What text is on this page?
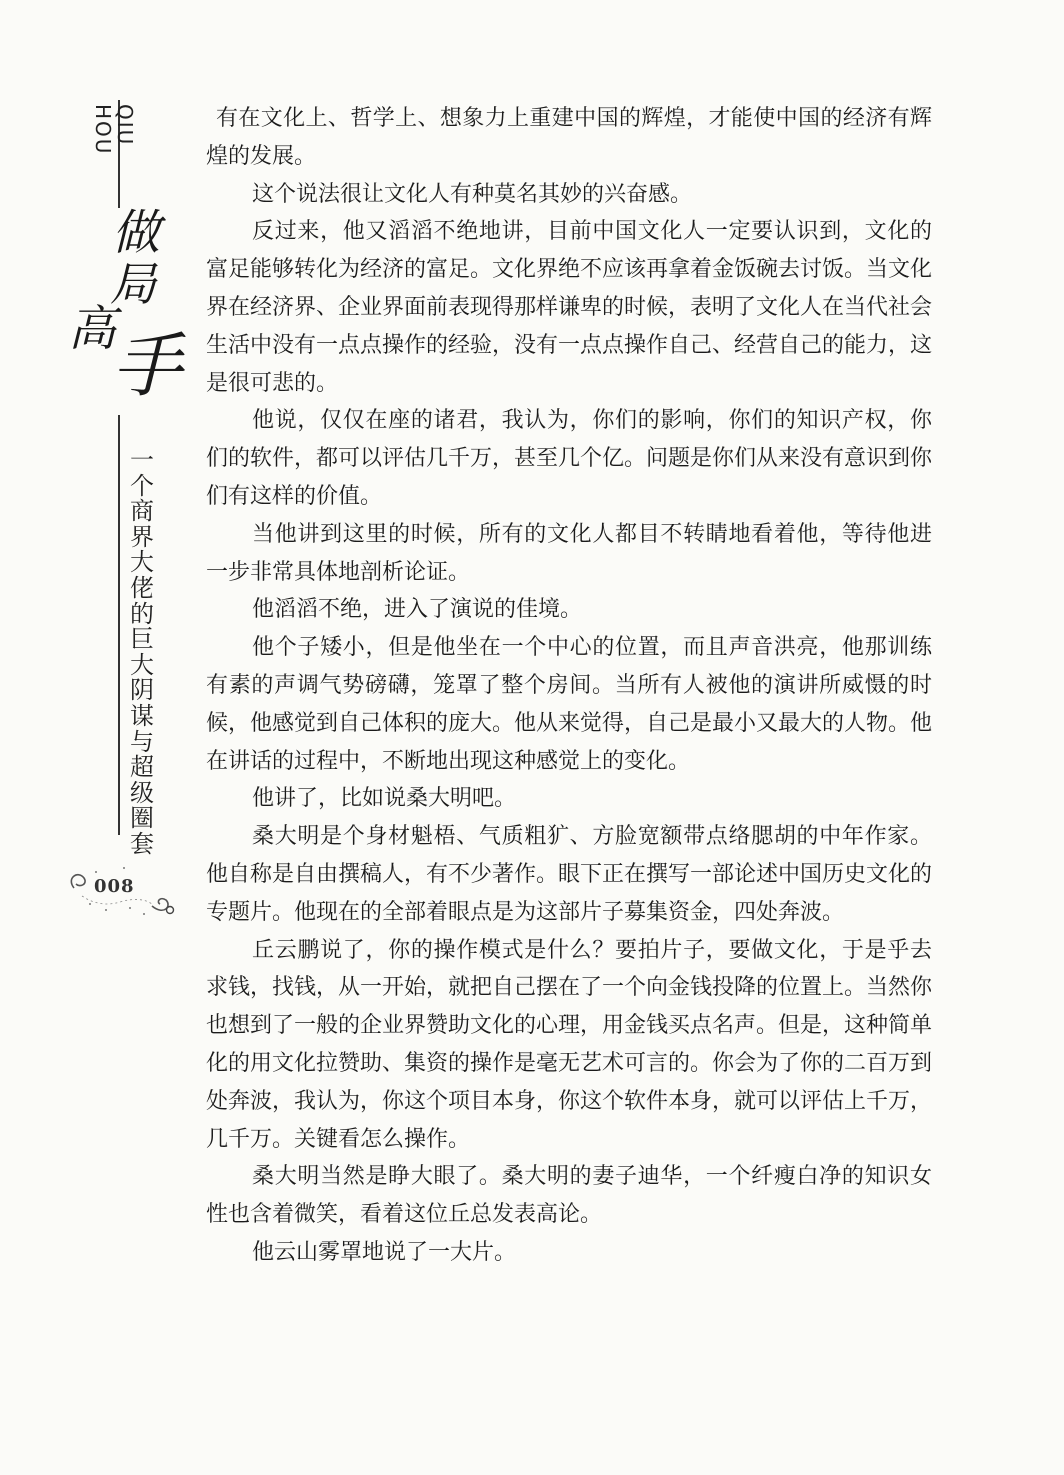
QIU
HOU
做
局
高
手
一个商界大佬的巨大阴谋与超级圈套
008

有在文化上、哲学上、想象力上重建中国的辉煌，才能使中国的经济有辉煌的发展。

这个说法很让文化人有种莫名其妙的兴奋感。

反过来，他又滔滔不绝地讲，目前中国文化人一定要认识到，文化的富足能够转化为经济的富足。文化界绝不应该再拿着金饭碗去讨饭。当文化界在经济界、企业界面前表现得那样谦卑的时候，表明了文化人在当代社会生活中没有一点点操作的经验，没有一点点操作自己、经营自己的能力，这是很可悲的。

他说，仅仅在座的诸君，我认为，你们的影响，你们的知识产权，你们的软件，都可以评估几千万，甚至几个亿。问题是你们从来没有意识到你们有这样的价值。

当他讲到这里的时候，所有的文化人都目不转睛地看着他，等待他进一步非常具体地剖析论证。

他滔滔不绝，进入了演说的佳境。

他个子矮小，但是他坐在一个中心的位置，而且声音洪亮，他那训练有素的声调气势磅礴，笼罩了整个房间。当所有人被他的演讲所威慑的时候，他感觉到自己体积的庞大。他从来觉得，自己是最小又最大的人物。他在讲话的过程中，不断地出现这种感觉上的变化。

他讲了，比如说桑大明吧。

桑大明是个身材魁梧、气质粗犷、方脸宽额带点络腮胡的中年作家。他自称是自由撰稿人，有不少著作。眼下正在撰写一部论述中国历史文化的专题片。他现在的全部着眼点是为这部片子募集资金，四处奔波。

丘云鹏说了，你的操作模式是什么？要拍片子，要做文化，于是乎去求钱，找钱，从一开始，就把自己摆在了一个向金钱投降的位置上。当然你也想到了一般的企业界赞助文化的心理，用金钱买点名声。但是，这种简单化的用文化拉赞助、集资的操作是毫无艺术可言的。你会为了你的二百万到处奔波，我认为，你这个项目本身，你这个软件本身，就可以评估上千万，几千万。关键看怎么操作。

桑大明当然是睁大眼了。桑大明的妻子迪华，一个纤瘦白净的知识女性也含着微笑，看着这位丘总发表高论。

他云山雾罩地说了一大片。
